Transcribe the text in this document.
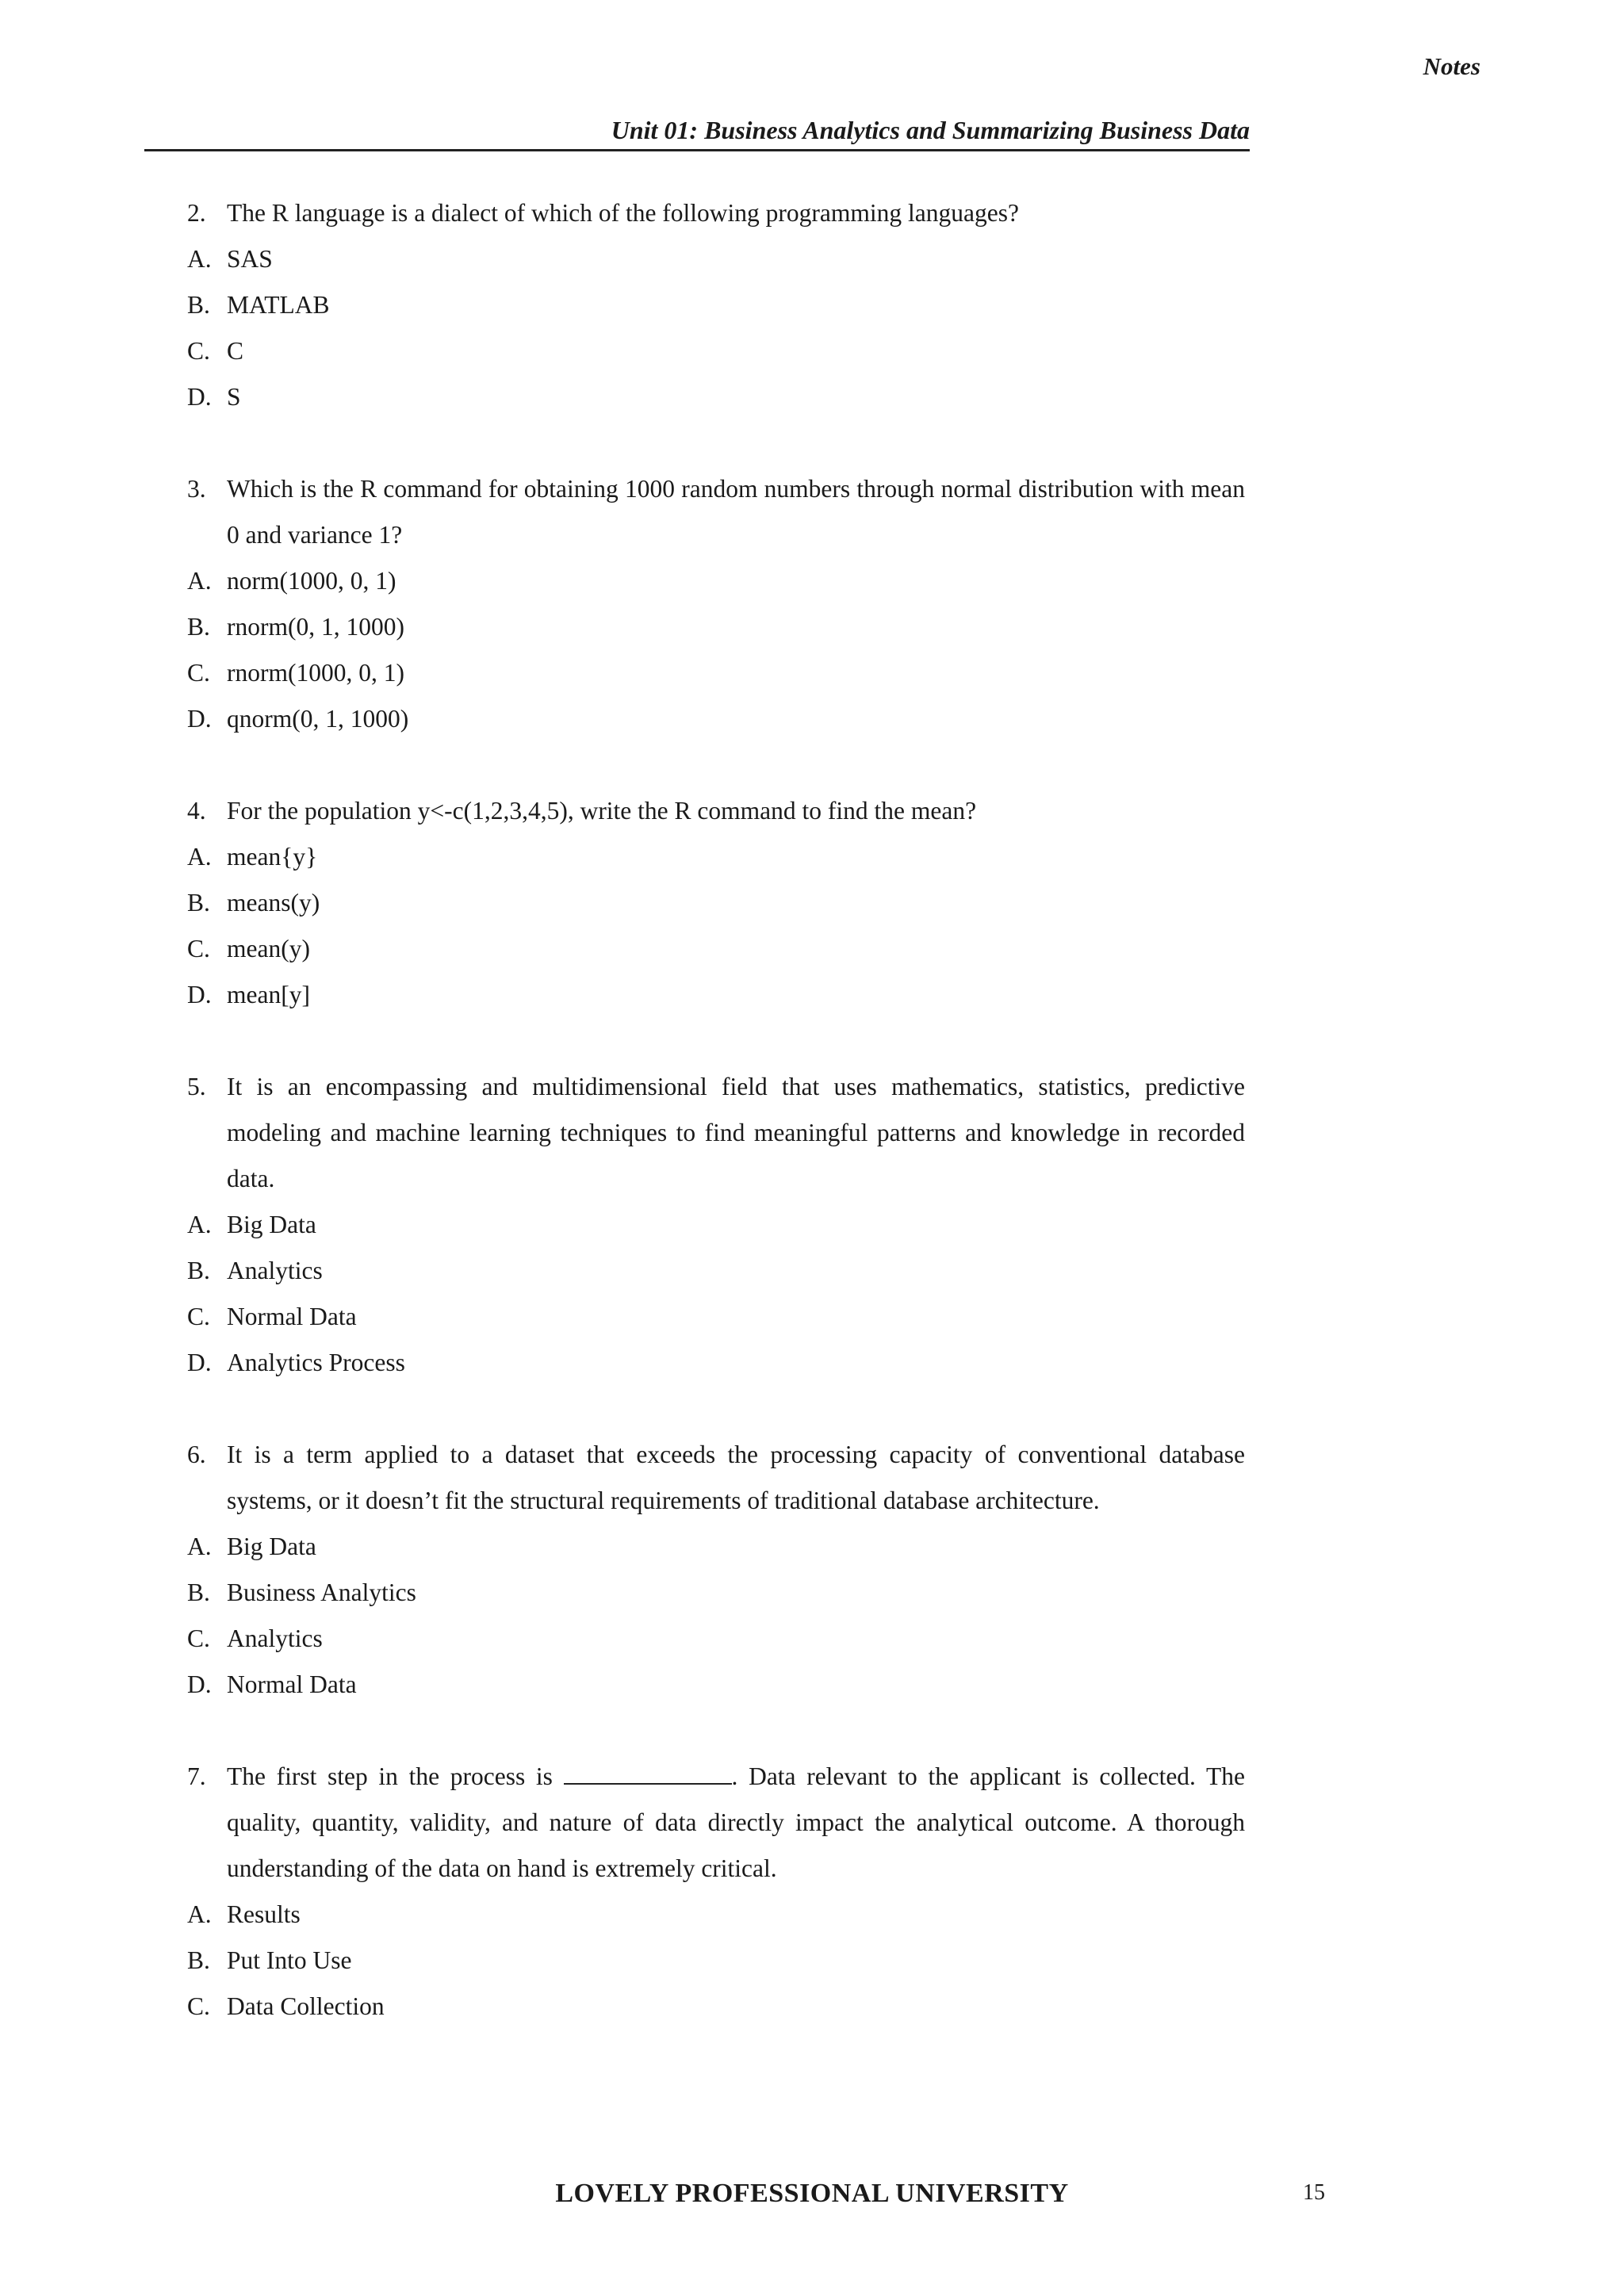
Notes
Unit 01: Business Analytics and Summarizing Business Data
2. The R language is a dialect of which of the following programming languages?
A. SAS
B. MATLAB
C. C
D. S
3. Which is the R command for obtaining 1000 random numbers through normal distribution with mean 0 and variance 1?
A. norm(1000, 0, 1)
B. rnorm(0, 1, 1000)
C. rnorm(1000, 0, 1)
D. qnorm(0, 1, 1000)
4. For the population y<-c(1,2,3,4,5), write the R command to find the mean?
A. mean{y}
B. means(y)
C. mean(y)
D. mean[y]
5. It is an encompassing and multidimensional field that uses mathematics, statistics, predictive modeling and machine learning techniques to find meaningful patterns and knowledge in recorded data.
A. Big Data
B. Analytics
C. Normal Data
D. Analytics Process
6. It is a term applied to a dataset that exceeds the processing capacity of conventional database systems, or it doesn’t fit the structural requirements of traditional database architecture.
A. Big Data
B. Business Analytics
C. Analytics
D. Normal Data
7. The first step in the process is	. Data relevant to the applicant is collected. The quality, quantity, validity, and nature of data directly impact the analytical outcome. A thorough understanding of the data on hand is extremely critical.
A. Results
B. Put Into Use
C. Data Collection
LOVELY PROFESSIONAL UNIVERSITY	15
